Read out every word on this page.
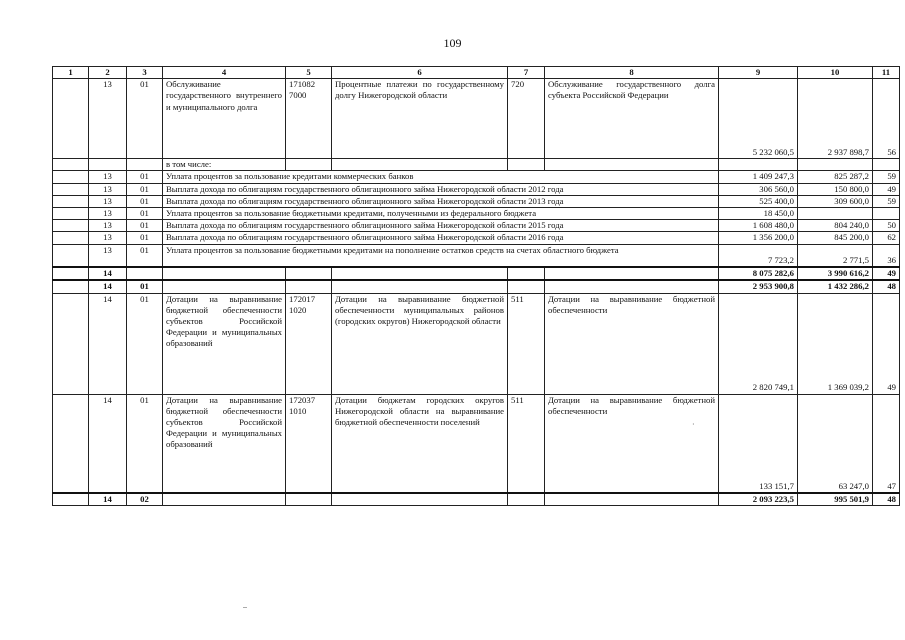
109
1	2	3	4	5	6	7	8	9	10	11
	13	01	Обслуживание государственного внутреннего и муниципального долга	171082 7000	Процентные платежи по государственному долгу Нижегородской области	720	Обслуживание государственного долга субъекта Российской Федерации	5 232 060,5	2 937 898,7	56
			в том числе:							
	13	01	Уплата процентов за пользование кредитами коммерческих банков					1 409 247,3	825 287,2	59
	13	01	Выплата дохода по облигациям государственного облигационного займа Нижегородской области 2012 года					306 560,0	150 800,0	49
	13	01	Выплата дохода по облигациям государственного облигационного займа Нижегородской области 2013 года					525 400,0	309 600,0	59
	13	01	Уплата процентов за пользование бюджетными кредитами, полученными из федерального бюджета					18 450,0		
	13	01	Выплата дохода по облигациям государственного облигационного займа Нижегородской области 2015 года					1 608 480,0	804 240,0	50
	13	01	Выплата дохода по облигациям государственного облигационного займа Нижегородской области 2016 года					1 356 200,0	845 200,0	62
	13	01	Уплата процентов за пользование бюджетными кредитами на пополнение остатков средств на счетах областного бюджета					7 723,2	2 771,5	36
	14							8 075 282,6	3 990 616,2	49
	14	01						2 953 900,8	1 432 286,2	48
	14	01	Дотации на выравнивание бюджетной обеспеченности субъектов Российской Федерации и муниципальных образований	172017 1020	Дотации на выравнивание бюджетной обеспеченности муниципальных районов (городских округов) Нижегородской области	511	Дотации на выравнивание бюджетной обеспеченности	2 820 749,1	1 369 039,2	49
	14	01	Дотации на выравнивание бюджетной обеспеченности субъектов Российской Федерации и муниципальных образований	172037 1010	Дотации бюджетам городских округов Нижегородской области на выравнивание бюджетной обеспеченности поселений	511	Дотации на выравнивание бюджетной обеспеченности	133 151,7	63 247,0	47
	14	02						2 093 223,5	995 501,9	48
·
